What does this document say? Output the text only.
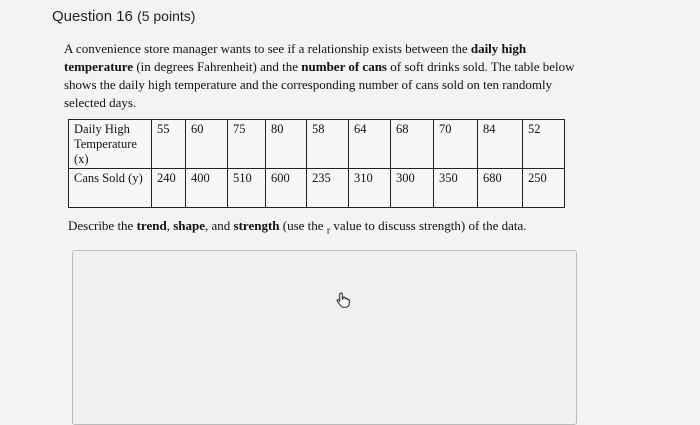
Question 16 (5 points)
A convenience store manager wants to see if a relationship exists between the daily high temperature (in degrees Fahrenheit) and the number of cans of soft drinks sold. The table below shows the daily high temperature and the corresponding number of cans sold on ten randomly selected days.
Daily High Temperature (x)	55	60	75	80	58	64	68	70	84	52
Cans Sold (y)	240	400	510	600	235	310	300	350	680	250
Describe the trend, shape, and strength (use the $_r$ value to discuss strength) of the data.
